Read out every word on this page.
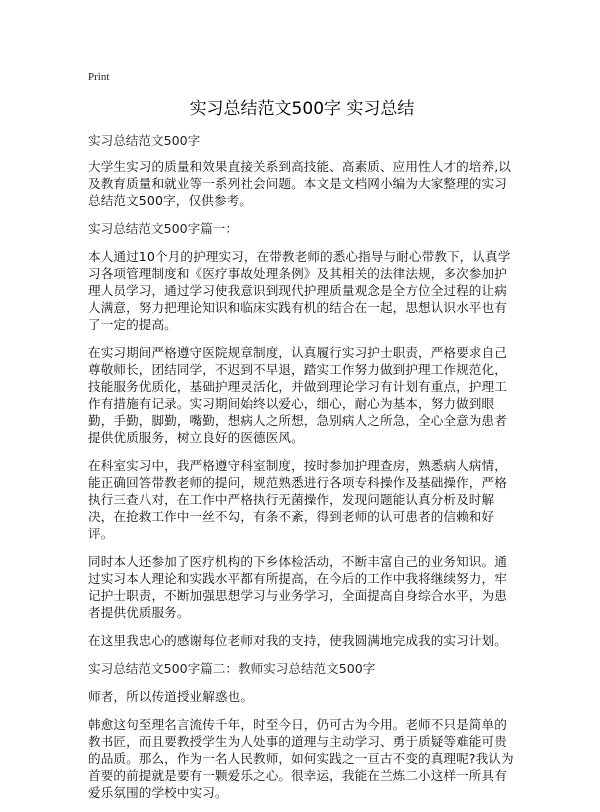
Print
实习总结范文500字 实习总结
实习总结范文500字

大学生实习的质量和效果直接关系到高技能、高素质、应用性人才的培养,以及教育质量和就业等一系列社会问题。本文是文档网小编为大家整理的实习总结范文500字，仅供参考。

实习总结范文500字篇一：

本人通过10个月的护理实习，在带教老师的悉心指导与耐心带教下，认真学习各项管理制度和《医疗事故处理条例》及其相关的法律法规，多次参加护理人员学习，通过学习使我意识到现代护理质量观念是全方位全过程的让病人满意，努力把理论知识和临床实践有机的结合在一起，思想认识水平也有了一定的提高。

在实习期间严格遵守医院规章制度，认真履行实习护士职责，严格要求自己尊敬师长，团结同学，不迟到不早退，踏实工作努力做到护理工作规范化，技能服务优质化，基础护理灵活化，并做到理论学习有计划有重点，护理工作有措施有记录。实习期间始终以爱心，细心，耐心为基本，努力做到眼勤，手勤，脚勤，嘴勤，想病人之所想，急别病人之所急，全心全意为患者提供优质服务，树立良好的医德医风。

在科室实习中，我严格遵守科室制度，按时参加护理查房，熟悉病人病情，能正确回答带教老师的提问，规范熟悉进行各项专科操作及基础操作，严格执行三查八对，在工作中严格执行无菌操作，发现问题能认真分析及时解决，在抢救工作中一丝不勾，有条不紊，得到老师的认可患者的信赖和好评。

同时本人还参加了医疗机构的下乡体检活动，不断丰富自己的业务知识。通过实习本人理论和实践水平都有所提高，在今后的工作中我将继续努力，牢记护士职责，不断加强思想学习与业务学习，全面提高自身综合水平，为患者提供优质服务。

在这里我忠心的感谢每位老师对我的支持，使我圆满地完成我的实习计划。

实习总结范文500字篇二：教师实习总结范文500字

师者，所以传道授业解惑也。

韩愈这句至理名言流传千年，时至今日，仍可古为今用。老师不只是简单的教书匠，而且要教授学生为人处事的道理与主动学习、勇于质疑等难能可贵的品质。那么，作为一名人民教师，如何实践之一亘古不变的真理呢?我认为首要的前提就是要有一颗爱乐之心。很幸运，我能在兰炼二小这样一所具有爱乐氛围的学校中实习。
